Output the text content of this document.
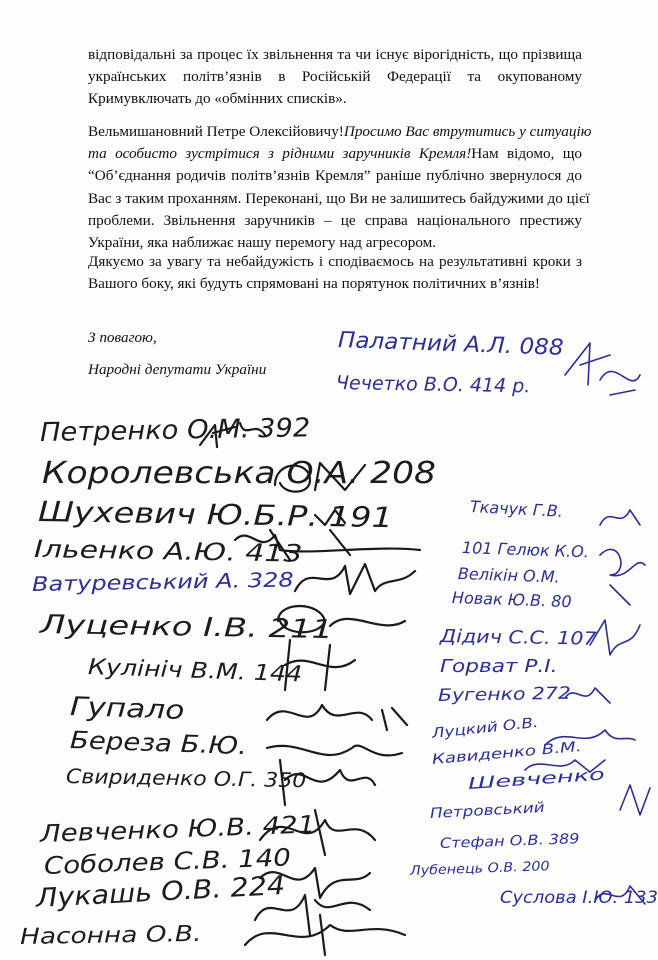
відповідальні за процес їх звільнення та чи існує вірогідність, що прізвища
українських політв’язнів в Російській Федерації та окупованому
Кримувключать до «обмінних списків».

Вельмишановний Петре Олексійовичу!Просимо Вас втрутитись у ситуацію
та особисто зустрітися з рідними заручників Кремля!Нам відомо, що
“Об’єднання родичів політв’язнів Кремля” раніше публічно звернулося до
Вас з таким проханням. Переконані, що Ви не залишитесь байдужими до цієї
проблеми. Звільнення заручників – це справа національного престижу
України, яка наближає нашу перемогу над агресором.

Дякуємо за увагу та небайдужість і сподіваємось на результативні кроки з
Вашого боку, які будуть спрямовані на порятунок політичних в’язнів!

З повагою,
Народні депутати України
Палатний А.Л. 088
Чечетко В.О. 414 р.
Петренко О.М. 392
Королевська О.А. 208
Шухевич Ю.Б.Р. 191
Ільенко А.Ю. 413
Ватуревський А. 328
Луценко І.В. 211
Кулініч В.М. 144
Гупало
Береза Б.Ю.
Свириденко О.Г. 350
Левченко Ю.В. 421
Соболев С.В. 140
Лукашь О.В. 224
Насонна О.В.
Ткачук Г.В.
101 Гелюк К.О.
Велікін О.М.
Новак Ю.В. 80
Дідич С.С. 107
Горват Р.І.
Бугенко 272
Луцкий О.В.
Кавиденко В.М.
Шевченко
Петровський
Стефан О.В. 389
Лубенець О.В. 200
Суслова І.Ю. 133
